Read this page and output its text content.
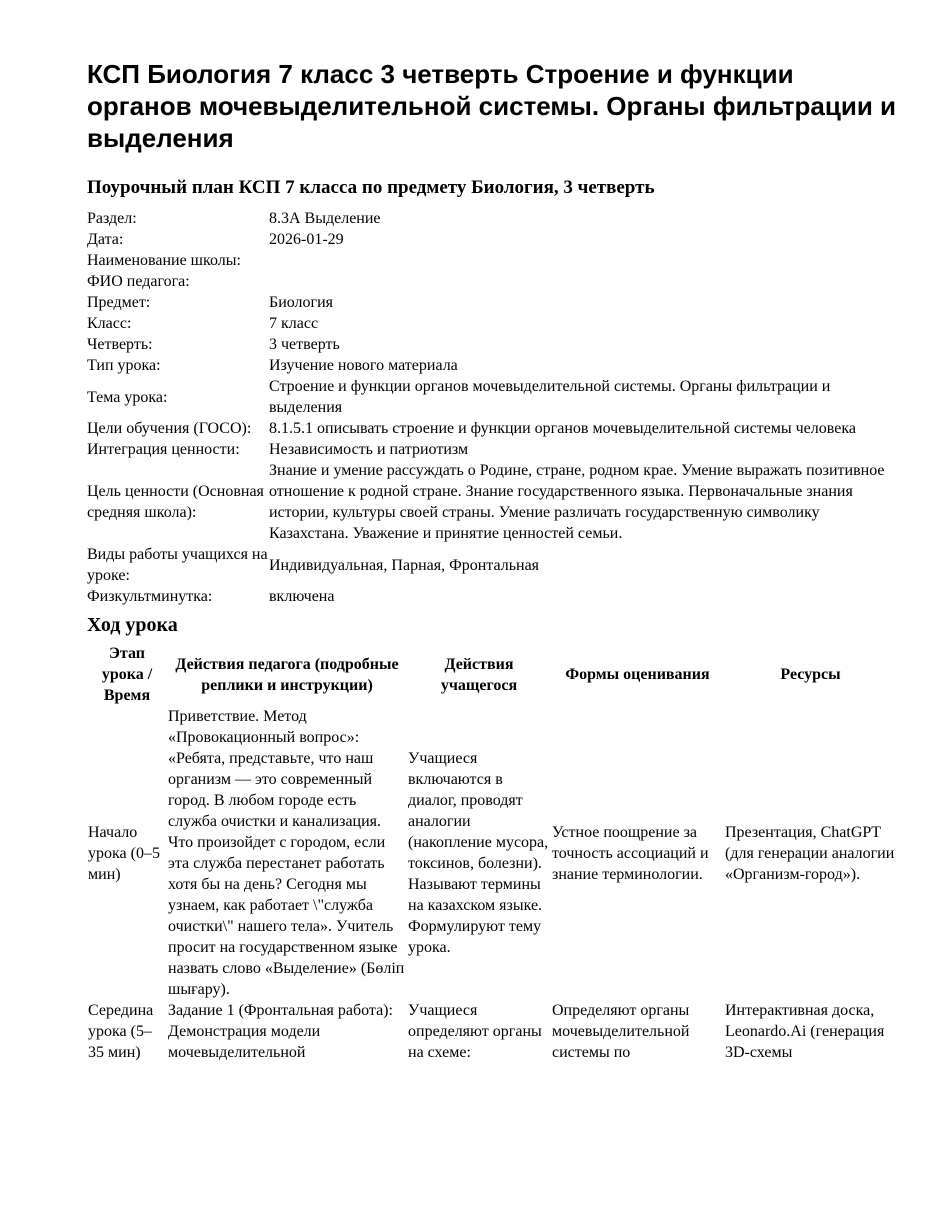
КСП Биология 7 класс 3 четверть Строение и функции органов мочевыделительной системы. Органы фильтрации и выделения
Поурочный план КСП 7 класса по предмету Биология, 3 четверть
Раздел:	8.3А Выделение
Дата:	2026-01-29
Наименование школы:	
ФИО педагога:	
Предмет:	Биология
Класс:	7 класс
Четверть:	3 четверть
Тип урока:	Изучение нового материала
Тема урока:	Строение и функции органов мочевыделительной системы. Органы фильтрации и выделения
Цели обучения (ГОСО):	8.1.5.1 описывать строение и функции органов мочевыделительной системы человека
Интеграция ценности:	Независимость и патриотизм
Цель ценности (Основная средняя школа):	Знание и умение рассуждать о Родине, стране, родном крае. Умение выражать позитивное отношение к родной стране. Знание государственного языка. Первоначальные знания истории, культуры своей страны. Умение различать государственную символику Казахстана. Уважение и принятие ценностей семьи.
Виды работы учащихся на уроке:	Индивидуальная, Парная, Фронтальная
Физкультминутка:	включена
Ход урока
Этап урока / Время	Действия педагога (подробные реплики и инструкции)	Действия учащегося	Формы оценивания	Ресурсы
Начало урока (0–5 мин)	Приветствие. Метод «Провокационный вопрос»: «Ребята, представьте, что наш организм — это современный город. В любом городе есть служба очистки и канализация. Что произойдет с городом, если эта служба перестанет работать хотя бы на день? Сегодня мы узнаем, как работает \"служба очистки\" нашего тела». Учитель просит на государственном языке назвать слово «Выделение» (Бөліп шығару).	Учащиеся включаются в диалог, проводят аналогии (накопление мусора, токсинов, болезни). Называют термины на казахском языке. Формулируют тему урока.	Устное поощрение за точность ассоциаций и знание терминологии.	Презентация, ChatGPT (для генерации аналогии «Организм-город»).
Середина урока (5–35 мин)	Задание 1 (Фронтальная работа): Демонстрация модели мочевыделительной	Учащиеся определяют органы на схеме:	Определяют органы мочевыделительной системы по	Интерактивная доска, Leonardo.Ai (генерация 3D-схемы
